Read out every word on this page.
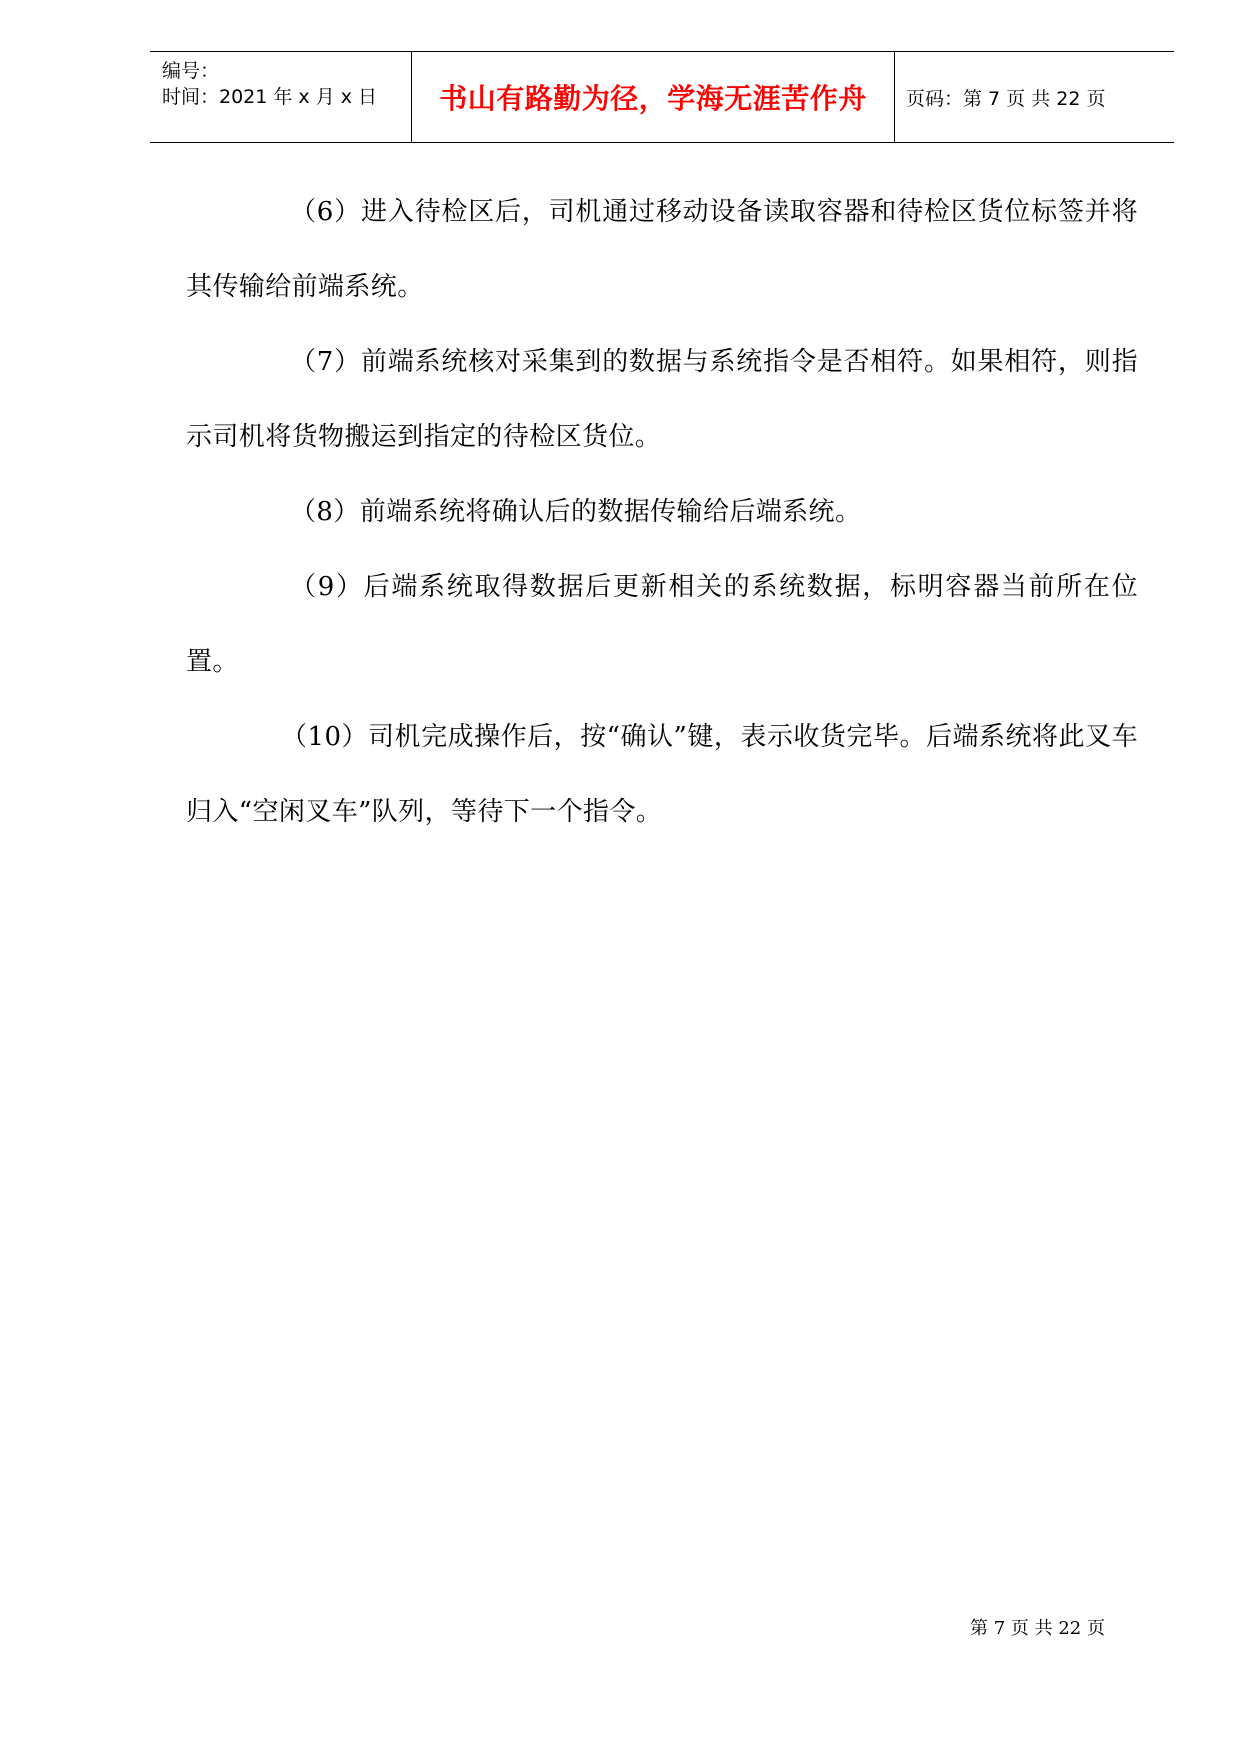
编号：
时间：2021 年 x 月 x 日	书山有路勤为径，学海无涯苦作舟	页码：第 7 页 共 22 页

（6）进入待检区后，司机通过移动设备读取容器和待检区货位标签并将其传输给前端系统。

（7）前端系统核对采集到的数据与系统指令是否相符。如果相符，则指示司机将货物搬运到指定的待检区货位。

（8）前端系统将确认后的数据传输给后端系统。

（9）后端系统取得数据后更新相关的系统数据，标明容器当前所在位置。

（10）司机完成操作后，按“确认”键，表示收货完毕。后端系统将此叉车归入“空闲叉车”队列，等待下一个指令。

第 7 页 共 22 页
